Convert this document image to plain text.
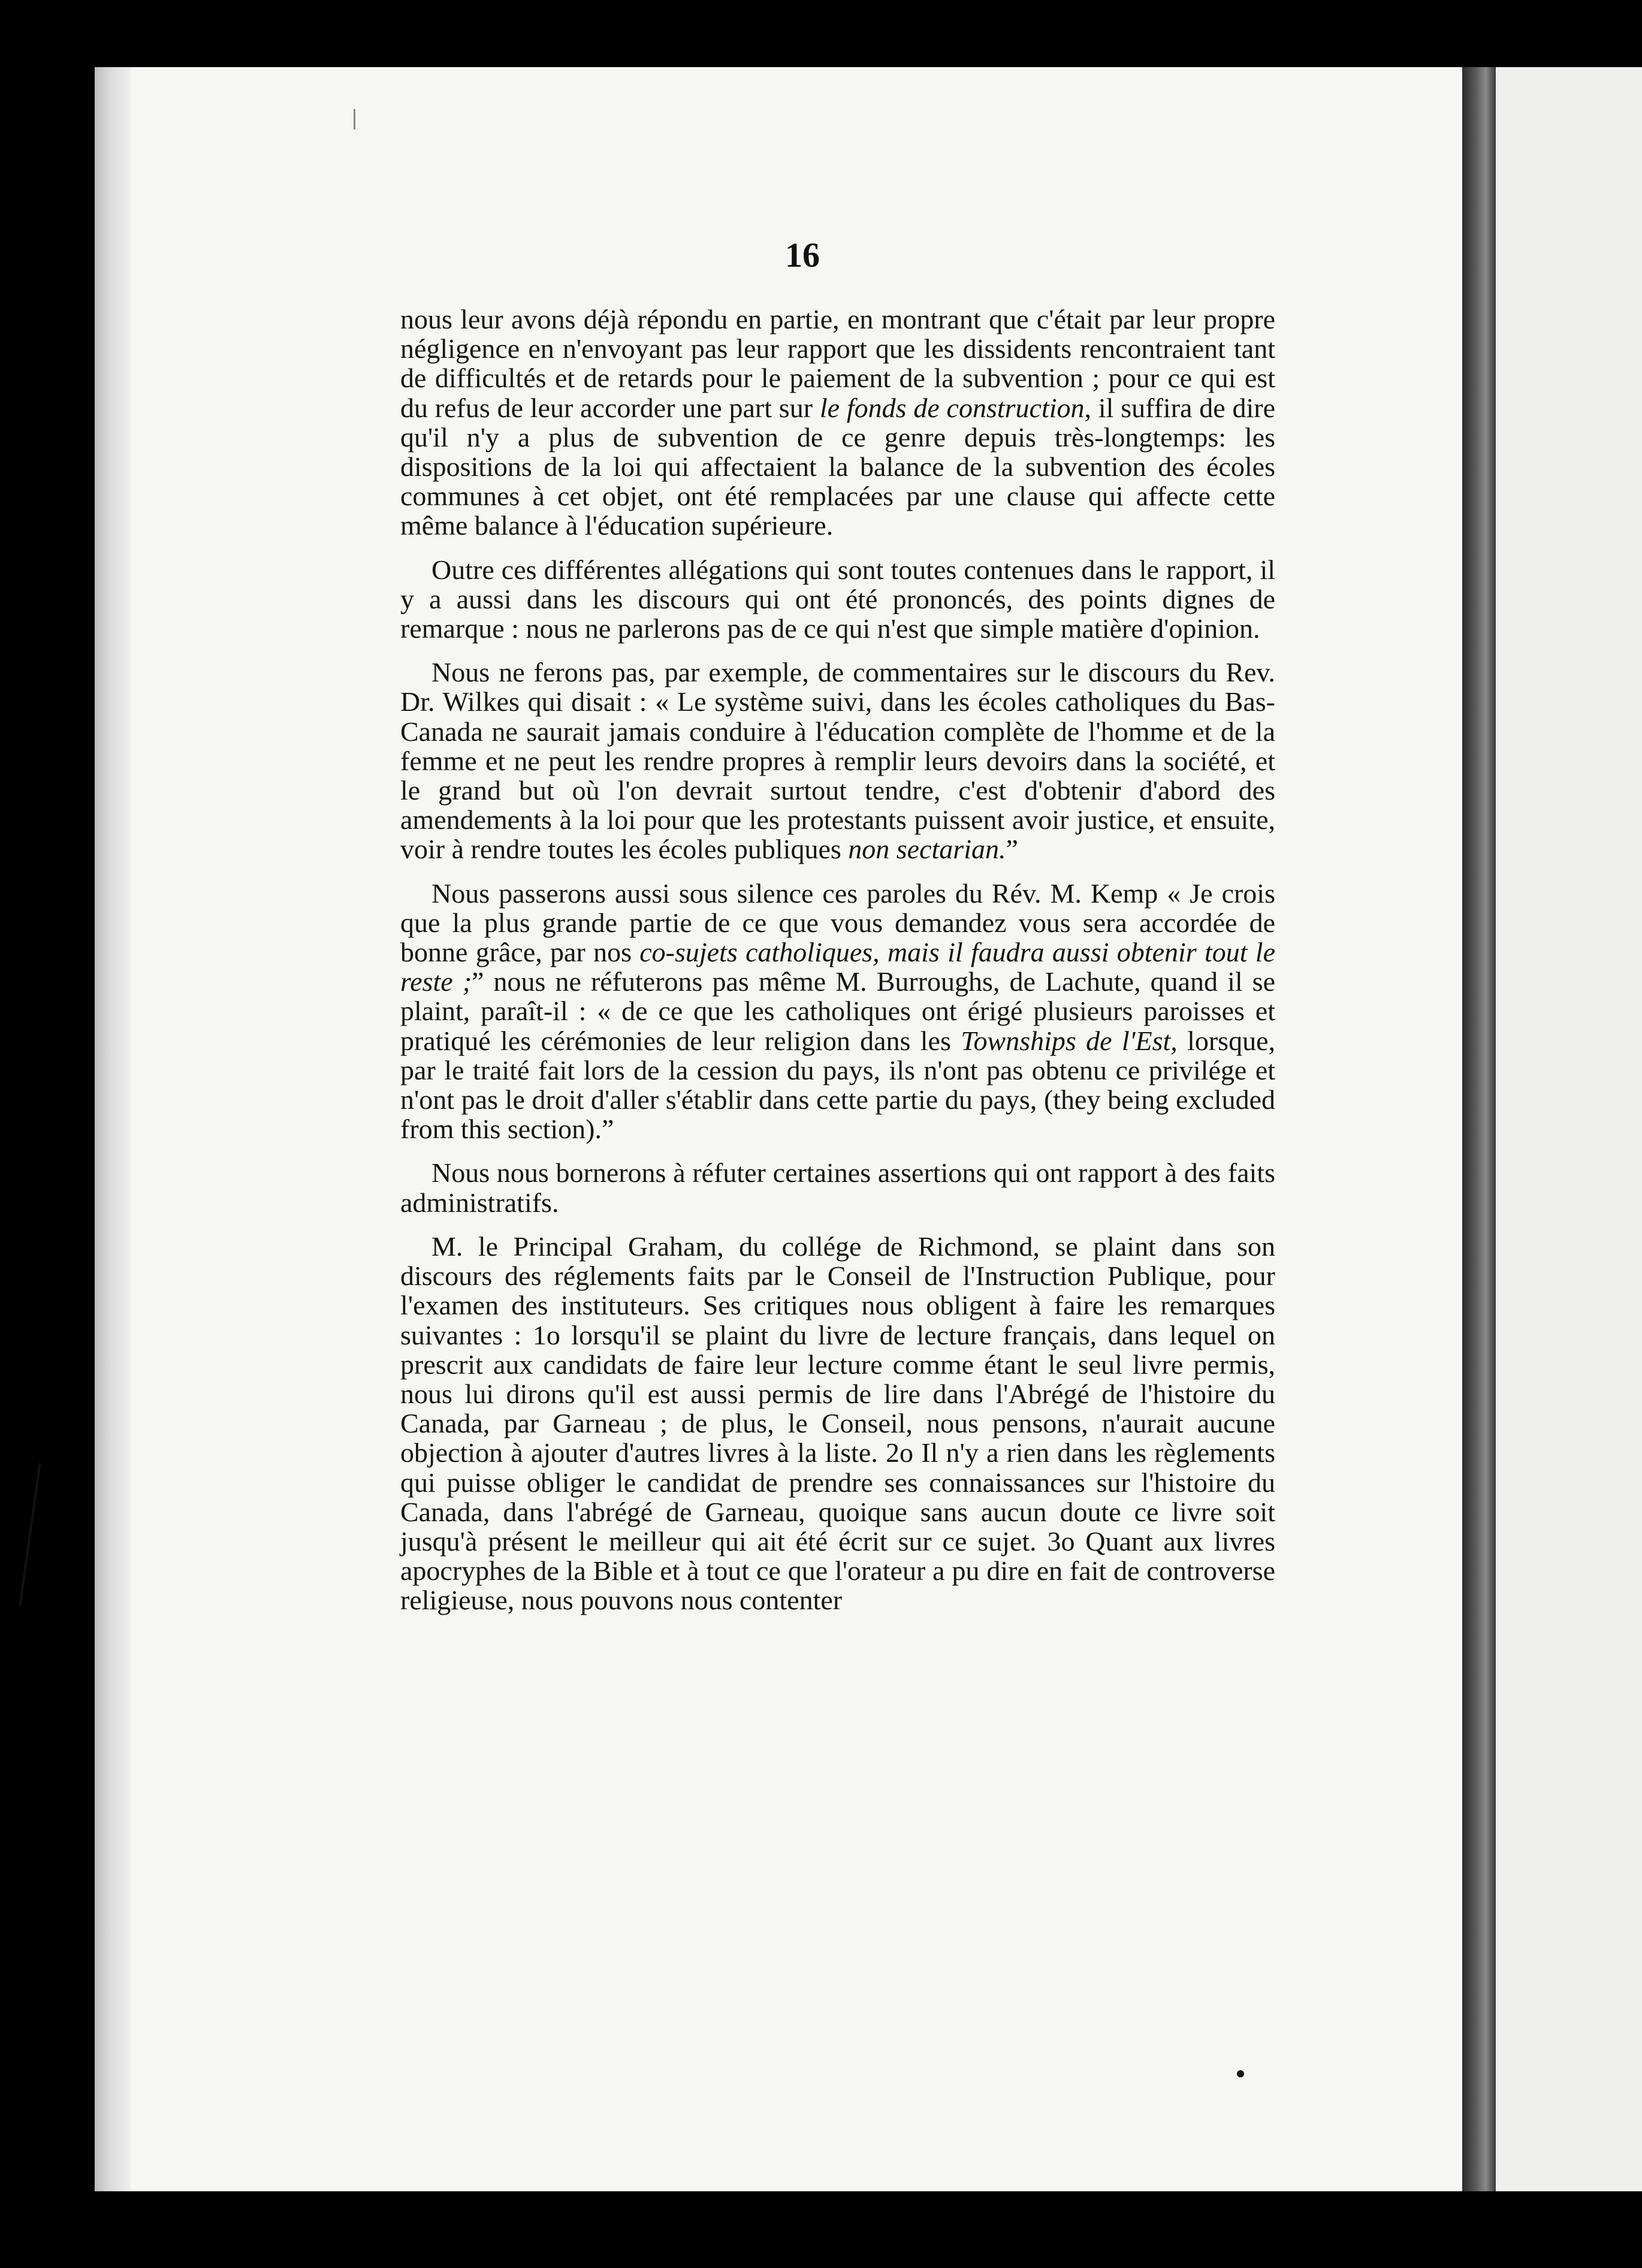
16

nous leur avons déjà répondu en partie, en montrant que c'était par leur propre négligence en n'envoyant pas leur rapport que les dissidents rencontraient tant de difficultés et de retards pour le paiement de la subvention ; pour ce qui est du refus de leur accorder une part sur le fonds de construction, il suffira de dire qu'il n'y a plus de subvention de ce genre depuis très-longtemps: les dispositions de la loi qui affectaient la balance de la subvention des écoles communes à cet objet, ont été remplacées par une clause qui affecte cette même balance à l'éducation supérieure.

Outre ces différentes allégations qui sont toutes contenues dans le rapport, il y a aussi dans les discours qui ont été prononcés, des points dignes de remarque : nous ne parlerons pas de ce qui n'est que simple matière d'opinion.

Nous ne ferons pas, par exemple, de commentaires sur le discours du Rev. Dr. Wilkes qui disait : « Le système suivi, dans les écoles catholiques du Bas-Canada ne saurait jamais conduire à l'éducation complète de l'homme et de la femme et ne peut les rendre propres à remplir leurs devoirs dans la société, et le grand but où l'on devrait surtout tendre, c'est d'obtenir d'abord des amendements à la loi pour que les protestants puissent avoir justice, et ensuite, voir à rendre toutes les écoles publiques non sectarian.”

Nous passerons aussi sous silence ces paroles du Rév. M. Kemp « Je crois que la plus grande partie de ce que vous demandez vous sera accordée de bonne grâce, par nos co-sujets catholiques, mais il faudra aussi obtenir tout le reste ;” nous ne réfuterons pas même M. Burroughs, de Lachute, quand il se plaint, paraît-il : « de ce que les catholiques ont érigé plusieurs paroisses et pratiqué les cérémonies de leur religion dans les Townships de l'Est, lorsque, par le traité fait lors de la cession du pays, ils n'ont pas obtenu ce privilége et n'ont pas le droit d'aller s'établir dans cette partie du pays, (they being excluded from this section).”

Nous nous bornerons à réfuter certaines assertions qui ont rapport à des faits administratifs.

M. le Principal Graham, du collége de Richmond, se plaint dans son discours des réglements faits par le Conseil de l'Instruction Publique, pour l'examen des instituteurs. Ses critiques nous obligent à faire les remarques suivantes : 1o lorsqu'il se plaint du livre de lecture français, dans lequel on prescrit aux candidats de faire leur lecture comme étant le seul livre permis, nous lui dirons qu'il est aussi permis de lire dans l'Abrégé de l'histoire du Canada, par Garneau ; de plus, le Conseil, nous pensons, n'aurait aucune objection à ajouter d'autres livres à la liste. 2o Il n'y a rien dans les règlements qui puisse obliger le candidat de prendre ses connaissances sur l'histoire du Canada, dans l'abrégé de Garneau, quoique sans aucun doute ce livre soit jusqu'à présent le meilleur qui ait été écrit sur ce sujet. 3o Quant aux livres apocryphes de la Bible et à tout ce que l'orateur a pu dire en fait de controverse religieuse, nous pouvons nous contenter
